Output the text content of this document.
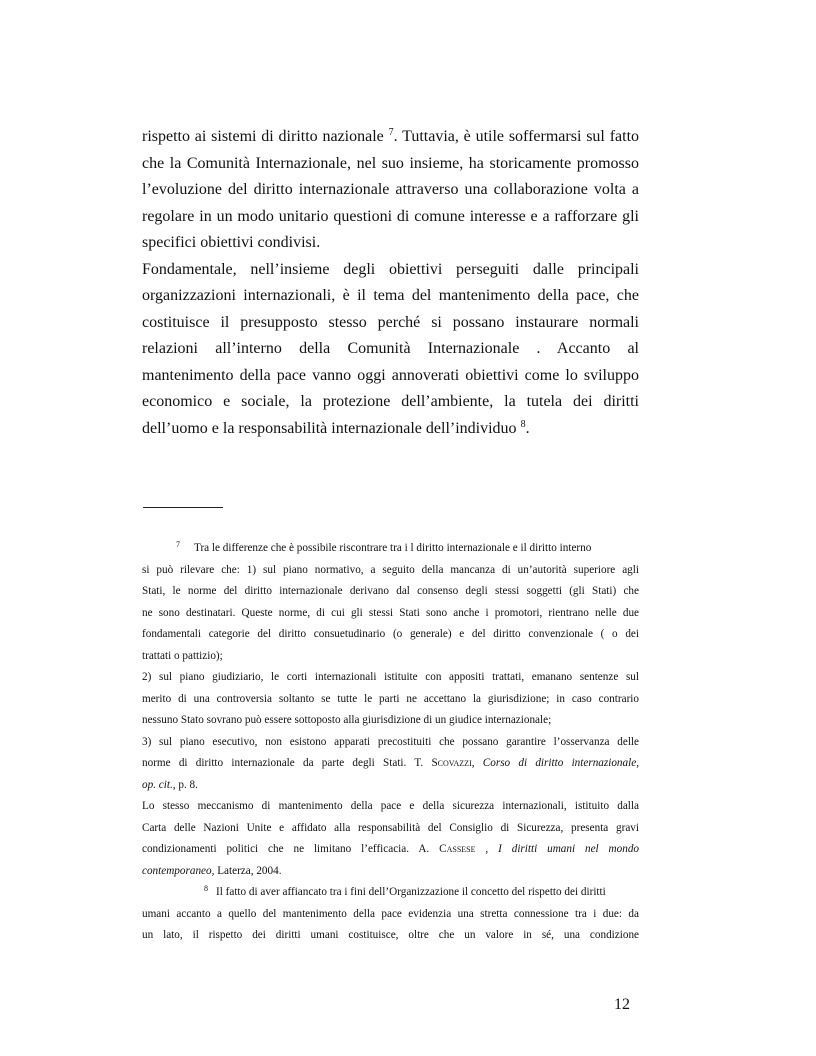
rispetto ai sistemi di diritto nazionale $^7$. Tuttavia, è utile soffermarsi sul fatto
che la Comunità Internazionale, nel suo insieme, ha storicamente promosso
l’evoluzione del diritto internazionale attraverso una collaborazione volta a
regolare in un modo unitario questioni di comune interesse e a rafforzare gli
specifici obiettivi condivisi.
Fondamentale, nell’insieme degli obiettivi perseguiti dalle principali
organizzazioni internazionali, è il tema del mantenimento della pace, che
costituisce il presupposto stesso perché si possano instaurare normali
relazioni all’interno della Comunità Internazionale . Accanto al
mantenimento della pace vanno oggi annoverati obiettivi come lo sviluppo
economico e sociale, la protezione dell’ambiente, la tutela dei diritti
dell’uomo e la responsabilità internazionale dell’individuo $^8$.
$^7$ Tra le differenze che è possibile riscontrare tra i l diritto internazionale e il diritto interno
si può rilevare che: 1) sul piano normativo, a seguito della mancanza di un’autorità superiore agli
Stati, le norme del diritto internazionale derivano dal consenso degli stessi soggetti (gli Stati) che
ne sono destinatari. Queste norme, di cui gli stessi Stati sono anche i promotori, rientrano nelle due
fondamentali categorie del diritto consuetudinario (o generale) e del diritto convenzionale ( o dei
trattati o pattizio);
2) sul piano giudiziario, le corti internazionali istituite con appositi trattati, emanano sentenze sul
merito di una controversia soltanto se tutte le parti ne accettano la giurisdizione; in caso contrario
nessuno Stato sovrano può essere sottoposto alla giurisdizione di un giudice internazionale;
3) sul piano esecutivo, non esistono apparati precostituiti che possano garantire l’osservanza delle
norme di diritto internazionale da parte degli Stati. T. Scovazzi, Corso di diritto internazionale,
op. cit., p. 8.
Lo stesso meccanismo di mantenimento della pace e della sicurezza internazionali, istituito dalla
Carta delle Nazioni Unite e affidato alla responsabilità del Consiglio di Sicurezza, presenta gravi
condizionamenti politici che ne limitano l’efficacia. A. Cassese , I diritti umani nel mondo
contemporaneo, Laterza, 2004.
$^8$ Il fatto di aver affiancato tra i fini dell’Organizzazione il concetto del rispetto dei diritti
umani accanto a quello del mantenimento della pace evidenzia una stretta connessione tra i due: da
un lato, il rispetto dei diritti umani costituisce, oltre che un valore in sé, una condizione
12
